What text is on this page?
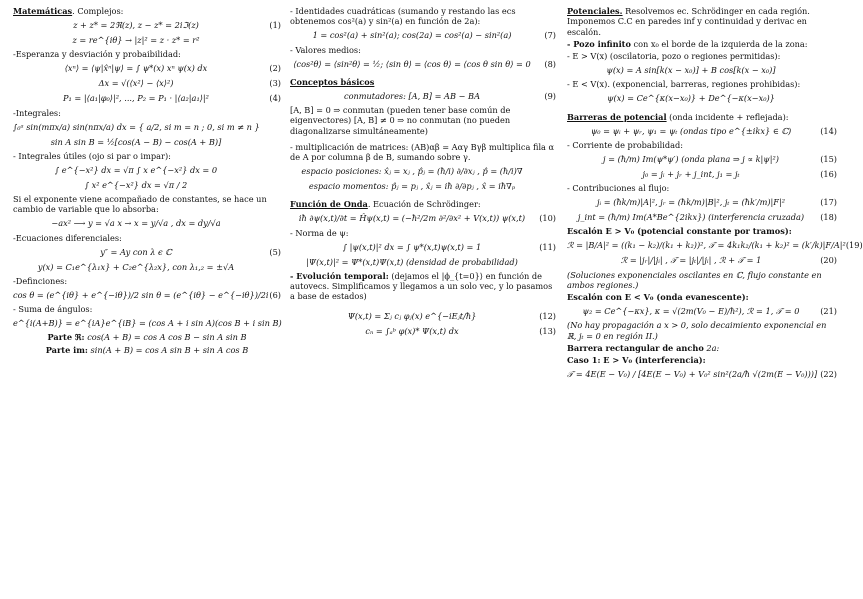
Matemáticas. Complejos:
z + z* = 2ℜ(z), z − z* = 2iℑ(z)	(1)
z = re^{iθ} → |z|² = z · z* = r²
-Esperanza y desviación y probaibilidad:
⟨xⁿ⟩ = ⟨ψ|x̂ⁿ|ψ⟩ = ∫ ψ*(x) xⁿ ψ(x) dx	(2)
Δx = √(⟨x²⟩ − ⟨x⟩²)	(3)
P₁ = |⟨a₁|φ₀⟩|², ..., P₂ = P₁ · |⟨a₂|a₁⟩|²	(4)
-Integrales:
∫₀ᵃ sin(mπx/a) sin(nπx/a) dx = { a/2, si m = n ; 0, si m ≠ n }
sin A sin B = ½[cos(A − B) − cos(A + B)]
- Integrales útiles (ojo si par o impar):
∫ e^{−x²} dx = √π ∫ x e^{−x²} dx = 0
∫ x² e^{−x²} dx = √π / 2
Si el exponente viene acompañado de constantes, se hace un cambio de variable que lo absorba:
−ax² ⟶ y = √a x → x = y/√a , dx = dy/√a
-Ecuaciones diferenciales:
y″ = Ay con λ ϵ ℂ	(5)
y(x) = C₁e^{λ₁x} + C₂e^{λ₂x}, con λ₁,₂ = ±√A
-Definciones:
cos θ = (e^{iθ} + e^{−iθ})/2 sin θ = (e^{iθ} − e^{−iθ})/2i (6)
- Suma de ángulos:
e^{i(A+B)} = e^{iA}e^{iB} = (cos A + i sin A)(cos B + i sin B)
Parte ℜ: cos(A + B) = cos A cos B − sin A sin B
Parte im: sin(A + B) = cos A sin B + sin A cos B
- Identidades cuadráticas (sumando y restando las ecs obtenemos cos²(a) y sin²(a) en función de 2a):
1 = cos²(a) + sin²(a); cos(2a) = cos²(a) − sin²(a)	(7)
- Valores medios:
⟨cos²θ⟩ = ⟨sin²θ⟩ = ½; ⟨sin θ⟩ = ⟨cos θ⟩ = ⟨cos θ sin θ⟩ = 0	(8)
Conceptos básicos
conmutadores: [A, B] = AB − BA	(9)
[A, B] = 0 ⇒ conmutan (pueden tener base común de eigenvectores) [A, B] ≠ 0 ⇒ no conmutan (no pueden diagonalizarse simultáneamente)
- multiplicación de matrices: (AB)αβ = Aαγ Bγβ multiplica fila α de A por columna β de B, sumando sobre γ.
espacio posiciones: x̂ⱼ = xⱼ , p̂ⱼ = (ħ/i) ∂/∂xⱼ , p̂ = (ħ/i)∇
espacio momentos: p̂ⱼ = pⱼ , x̂ⱼ = iħ ∂/∂pⱼ , x̂ = iħ∇ₚ
Función de Onda. Ecuación de Schrödinger:
iħ ∂ψ(x,t)/∂t = Ĥψ(x,t) = (−ħ²/2m ∂²/∂x² + V(x,t)) ψ(x,t)	(10)
- Norma de ψ:
∫ |ψ(x,t)|² dx = ∫ ψ*(x,t)ψ(x,t) = 1	(11)
|Ψ(x,t)|² = Ψ*(x,t)Ψ(x,t) (densidad de probabilidad)
- Evolución temporal: (dejamos el |ϕ_{t=0}⟩ en función de autovecs. Simplificamos y llegamos a un solo vec, y lo pasamos a base de estados)
Ψ(x,t) = Σⱼ cⱼ φⱼ(x) e^{−iEⱼt/ħ}	(12)
cₙ = ∫ₐᵇ φ(x)* Ψ(x,t) dx	(13)
Potenciales. Resolvemos ec. Schrödinger en cada región. Imponemos C.C en paredes inf y continuidad y derivac en escalón.
- Pozo infinito con x₀ el borde de la izquierda de la zona:
- E > V(x) (oscilatoria, pozo o regiones permitidas):
ψ(x) = A sin[k(x − x₀)] + B cos[k(x − x₀)]
- E < V(x). (exponencial, barreras, regiones prohibidas):
ψ(x) = Ce^{κ(x−x₀)} + De^{−κ(x−x₀)}
Barreras de potencial (onda incidente + reflejada):
ψ₀ = ψᵢ + ψᵣ, ψ₁ = ψₜ (ondas tipo e^{±ikx} ∈ ℂ)	(14)
- Corriente de probabilidad:
j = (ħ/m) Im(ψ*ψ′) (onda plana ⇒ j ∝ k|ψ|²)	(15)
j₀ = jᵢ + jᵣ + j_int, j₁ = jₜ	(16)
- Contribuciones al flujo:
jᵢ = (ħk/m)|A|², jᵣ = (ħk/m)|B|², jₜ = (ħk′/m)|F|²	(17)
j_int = (ħ/m) Im(A*Be^{2ikx}) (interferencia cruzada)	(18)
Escalón E > V₀ (potencial constante por tramos):
ℛ = |B/A|² = ((k₁ − k₂)/(k₁ + k₂))², 𝒯 = 4k₁k₂/(k₁ + k₂)² = (k′/k)|F/A|² (19)
ℛ = |jᵣ|/|jᵢ| , 𝒯 = |jₜ|/|jᵢ| , ℛ + 𝒯 = 1	(20)
(Soluciones exponenciales oscilantes en ℂ, flujo constante en ambos regiones.)
Escalón con E < V₀ (onda evanescente):
ψ₂ = Ce^{−κx}, κ = √(2m(V₀ − E)/ħ²), ℛ = 1, 𝒯 = 0	(21)
(No hay propagación a x > 0, solo decaimiento exponencial en ℝ, jₜ = 0 en región II.)
Barrera rectangular de ancho 2a:
Caso 1: E > V₀ (interferencia):
𝒯 = 4E(E − V₀) / [4E(E − V₀) + V₀² sin²(2a/ħ √(2m(E − V₀)))] (22)
